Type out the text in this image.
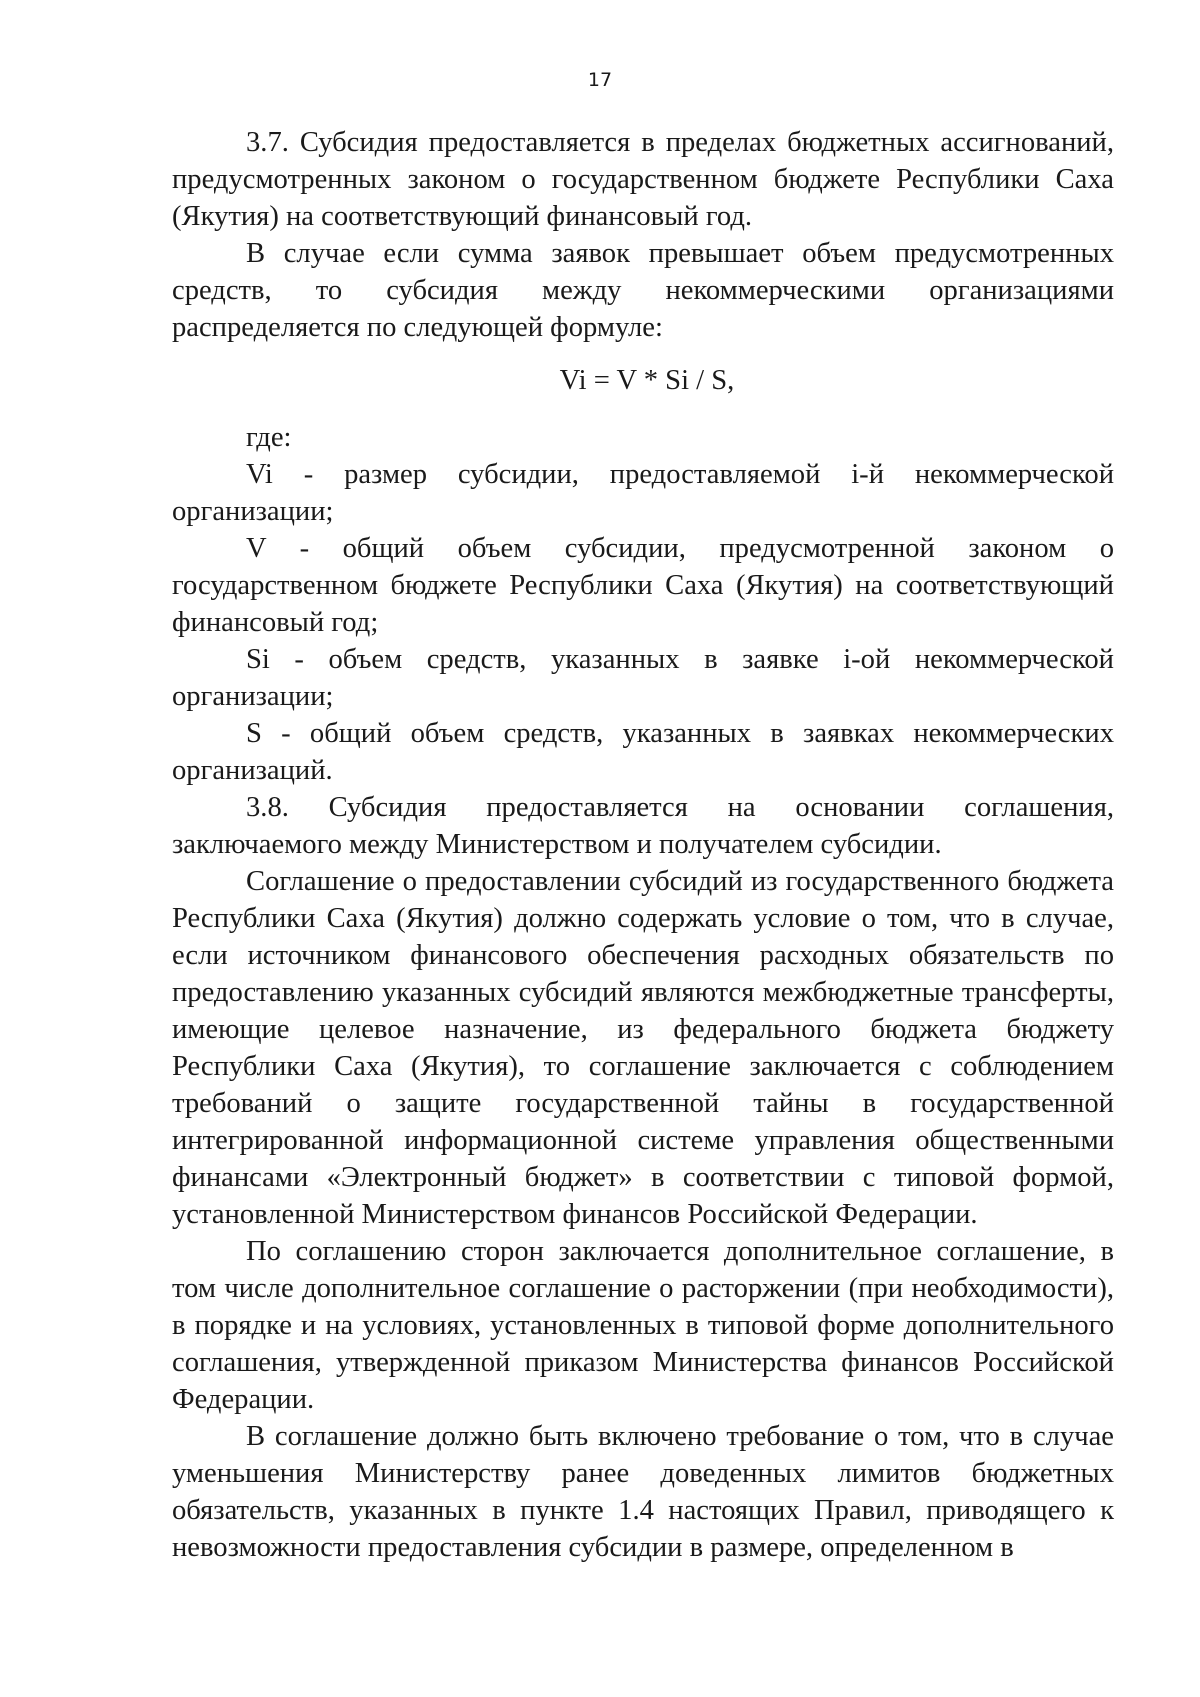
17

3.7. Субсидия предоставляется в пределах бюджетных ассигнований, предусмотренных законом о государственном бюджете Республики Саха (Якутия) на соответствующий финансовый год.

В случае если сумма заявок превышает объем предусмотренных средств, то субсидия между некоммерческими организациями распределяется по следующей формуле:

Vi = V * Si / S,

где:

Vi - размер субсидии, предоставляемой i-й некоммерческой организации;

V - общий объем субсидии, предусмотренной законом о государственном бюджете Республики Саха (Якутия) на соответствующий финансовый год;

Si - объем средств, указанных в заявке i-ой некоммерческой организации;

S - общий объем средств, указанных в заявках некоммерческих организаций.

3.8. Субсидия предоставляется на основании соглашения, заключаемого между Министерством и получателем субсидии.

Соглашение о предоставлении субсидий из государственного бюджета Республики Саха (Якутия) должно содержать условие о том, что в случае, если источником финансового обеспечения расходных обязательств по предоставлению указанных субсидий являются межбюджетные трансферты, имеющие целевое назначение, из федерального бюджета бюджету Республики Саха (Якутия), то соглашение заключается с соблюдением требований о защите государственной тайны в государственной интегрированной информационной системе управления общественными финансами «Электронный бюджет» в соответствии с типовой формой, установленной Министерством финансов Российской Федерации.

По соглашению сторон заключается дополнительное соглашение, в том числе дополнительное соглашение о расторжении (при необходимости), в порядке и на условиях, установленных в типовой форме дополнительного соглашения, утвержденной приказом Министерства финансов Российской Федерации.

В соглашение должно быть включено требование о том, что в случае уменьшения Министерству ранее доведенных лимитов бюджетных обязательств, указанных в пункте 1.4 настоящих Правил, приводящего к невозможности предоставления субсидии в размере, определенном в
